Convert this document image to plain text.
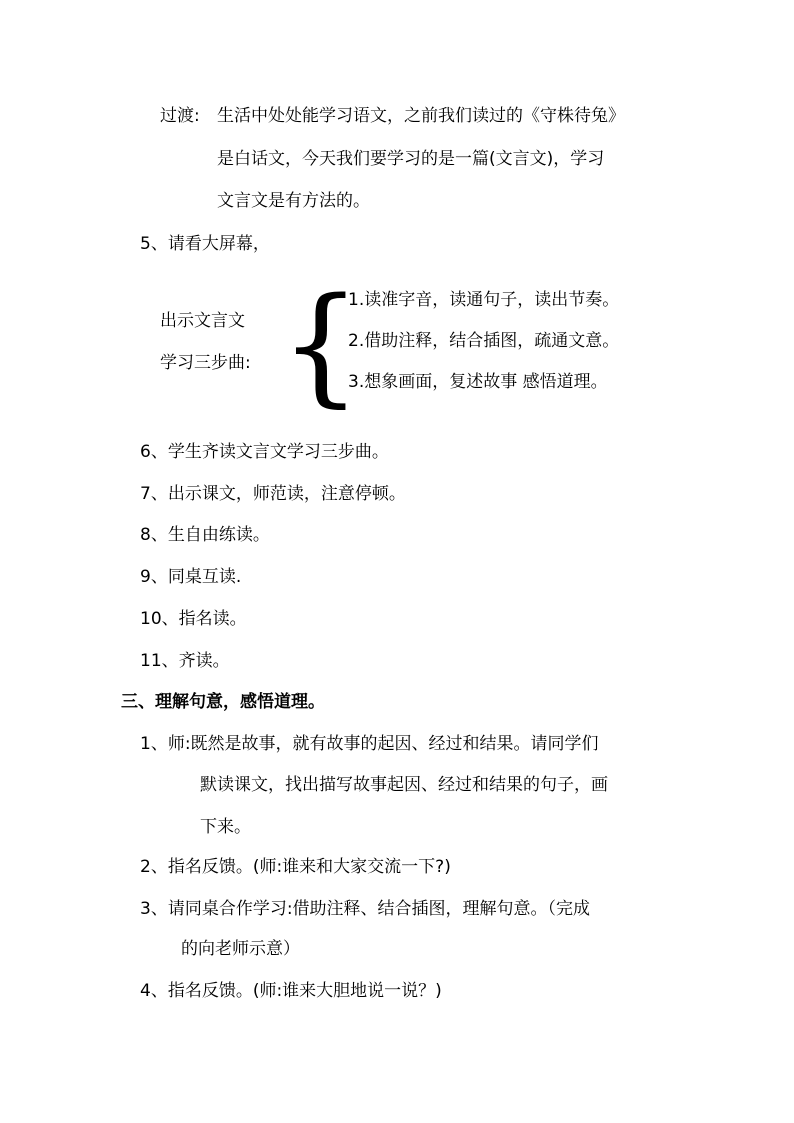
过渡: 生活中处处能学习语文，之前我们读过的《守株待兔》
是白话文，今天我们要学习的是一篇(文言文)，学习
文言文是有方法的。
5、请看大屏幕，
出示文言文
学习三步曲: {
1.读准字音，读通句子，读出节奏。
2.借助注释，结合插图，疏通文意。
3.想象画面，复述故事 感悟道理。
6、学生齐读文言文学习三步曲。
7、出示课文，师范读，注意停顿。
8、生自由练读。
9、同桌互读.
10、指名读。
11、齐读。
三、理解句意，感悟道理。
1、师:既然是故事，就有故事的起因、经过和结果。请同学们
默读课文，找出描写故事起因、经过和结果的句子，画
下来。
2、指名反馈。(师:谁来和大家交流一下?)
3、请同桌合作学习:借助注释、结合插图，理解句意。（完成
的向老师示意）
4、指名反馈。(师:谁来大胆地说一说？)
